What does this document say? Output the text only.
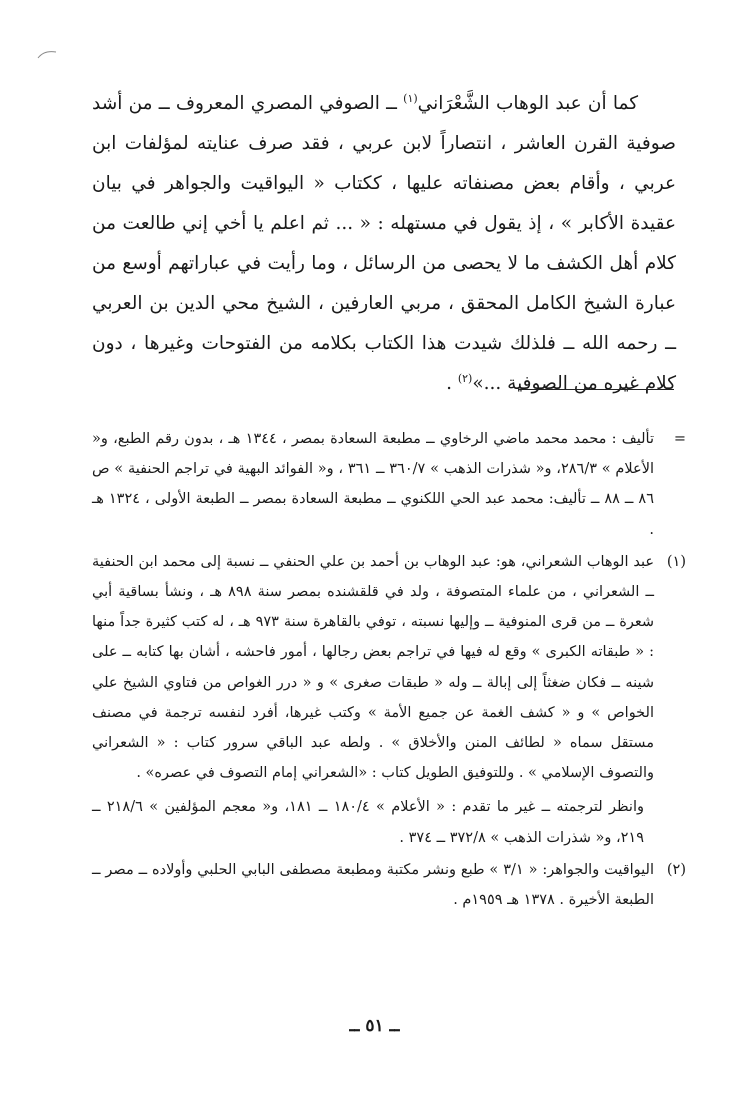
كما أن عبد الوهاب الشَّعْرَاني$^{(١)}$ ــ الصوفي المصري المعروف ــ من أشد صوفية القرن العاشر ، انتصاراً لابن عربي ، فقد صرف عنايته لمؤلفات ابن عربي ، وأقام بعض مصنفاته عليها ، ككتاب « اليواقيت والجواهر في بيان عقيدة الأكابر » ، إذ يقول في مستهله : « ... ثم اعلم يا أخي إني طالعت من كلام أهل الكشف ما لا يحصى من الرسائل ، وما رأيت في عباراتهم أوسع من عبارة الشيخ الكامل المحقق ، مربي العارفين ، الشيخ محي الدين بن العربي ــ رحمه الله ــ فلذلك شيدت هذا الكتاب بكلامه من الفتوحات وغيرها ، دون كلام غيره من الصوفية ...»$^{(٢)}$ .

=
تأليف : محمد محمد ماضي الرخاوي ــ مطبعة السعادة بمصر ، ١٣٤٤ هـ ، بدون رقم الطبع، و« الأعلام » ٢٨٦/٣، و« شذرات الذهب » ٣٦٠/٧ ــ ٣٦١ ، و« الفوائد البهية في تراجم الحنفية » ص ٨٦ ــ ٨٨ ــ تأليف: محمد عبد الحي اللكنوي ــ مطبعة السعادة بمصر ــ الطبعة الأولى ، ١٣٢٤ هـ .
(١)
عبد الوهاب الشعراني، هو: عبد الوهاب بن أحمد بن علي الحنفي ــ نسبة إلى محمد ابن الحنفية ــ الشعراني ، من علماء المتصوفة ، ولد في قلقشنده بمصر سنة ٨٩٨ هـ ، ونشأ بساقية أبي شعرة ــ من قرى المنوفية ــ وإليها نسبته ، توفي بالقاهرة سنة ٩٧٣ هـ ، له كتب كثيرة جداً منها : « طبقاته الكبرى » وقع له فيها في تراجم بعض رجالها ، أمور فاحشه ، أشان بها كتابه ــ على شينه ــ فكان ضغثاً إلى إبالة ــ وله « طبقات صغرى » و « درر الغواص من فتاوي الشيخ علي الخواص » و « كشف الغمة عن جميع الأمة » وكتب غيرها، أفرد لنفسه ترجمة في مصنف مستقل سماه « لطائف المنن والأخلاق » . ولطه عبد الباقي سرور كتاب : « الشعراني والتصوف الإسلامي » . وللتوفيق الطويل كتاب : «الشعراني إمام التصوف في عصره» .

وانظر لترجمته ــ غير ما تقدم : « الأعلام » ١٨٠/٤ ــ ١٨١، و« معجم المؤلفين » ٢١٨/٦ ــ ٢١٩، و« شذرات الذهب » ٣٧٢/٨ ــ ٣٧٤ .

(٢)
اليواقيت والجواهر: « ٣/١ » طبع ونشر مكتبة ومطبعة مصطفى البابي الحلبي وأولاده ــ مصر ــ الطبعة الأخيرة . ١٣٧٨ هـ ١٩٥٩م .
ــ ٥١ ــ
